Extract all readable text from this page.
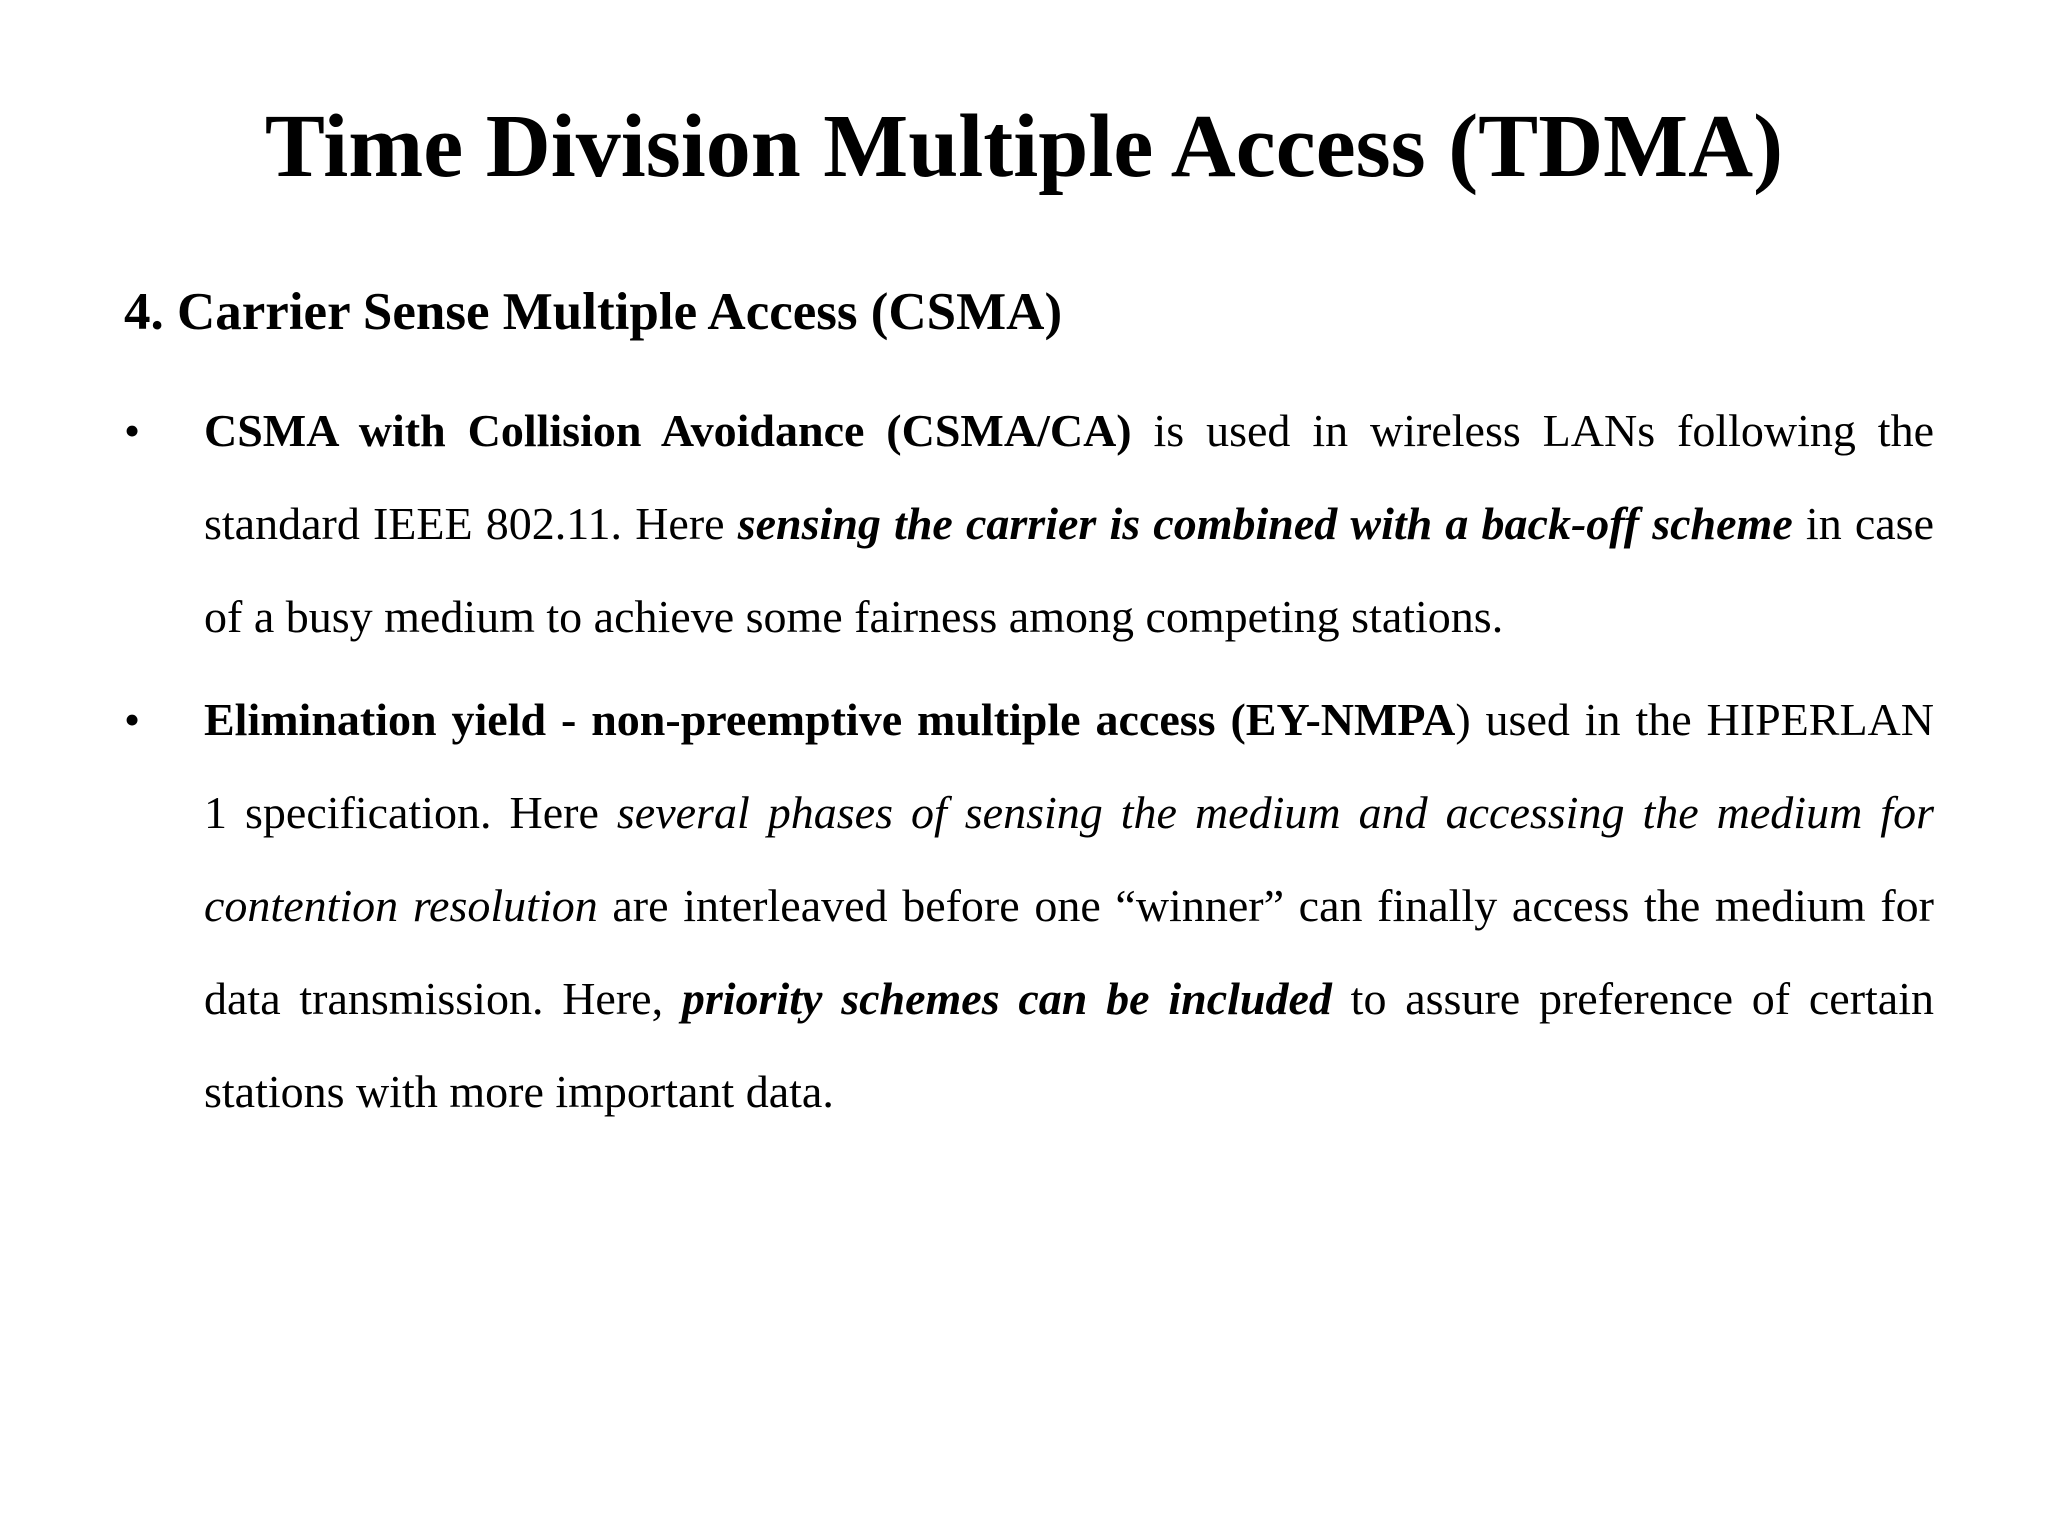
Time Division Multiple Access (TDMA)
4. Carrier Sense Multiple Access (CSMA)
• CSMA with Collision Avoidance (CSMA/CA) is used in wireless LANs following the standard IEEE 802.11. Here sensing the carrier is combined with a back-off scheme in case of a busy medium to achieve some fairness among competing stations.
• Elimination yield - non-preemptive multiple access (EY-NMPA) used in the HIPERLAN 1 specification. Here several phases of sensing the medium and accessing the medium for contention resolution are interleaved before one “winner” can finally access the medium for data transmission. Here, priority schemes can be included to assure preference of certain stations with more important data.
